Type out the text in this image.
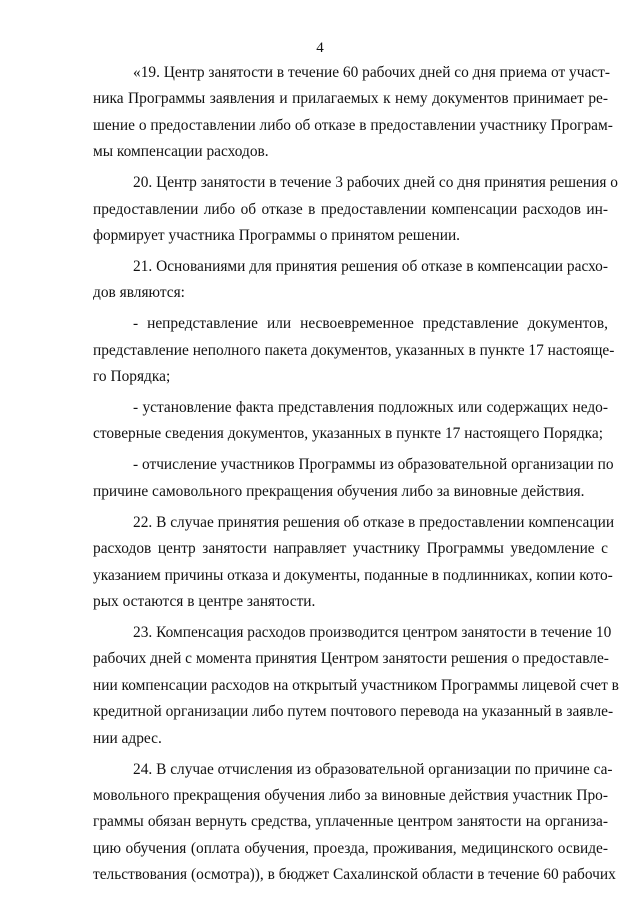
4
«19. Центр занятости в течение 60 рабочих дней со дня приема от участ-
ника Программы заявления и прилагаемых к нему документов принимает ре-
шение о предоставлении либо об отказе в предоставлении участнику Програм-
мы компенсации расходов.
20. Центр занятости в течение 3 рабочих дней со дня принятия решения о
предоставлении либо об отказе в предоставлении компенсации расходов ин-
формирует участника Программы о принятом решении.
21. Основаниями для принятия решения об отказе в компенсации расхо-
дов являются:
- непредставление или несвоевременное представление документов,
представление неполного пакета документов, указанных в пункте 17 настояще-
го Порядка;
- установление факта представления подложных или содержащих недо-
стоверные сведения документов, указанных в пункте 17 настоящего Порядка;
- отчисление участников Программы из образовательной организации по
причине самовольного прекращения обучения либо за виновные действия.
22. В случае принятия решения об отказе в предоставлении компенсации
расходов центр занятости направляет участнику Программы уведомление с
указанием причины отказа и документы, поданные в подлинниках, копии кото-
рых остаются в центре занятости.
23. Компенсация расходов производится центром занятости в течение 10
рабочих дней с момента принятия Центром занятости решения о предоставле-
нии компенсации расходов на открытый участником Программы лицевой счет в
кредитной организации либо путем почтового перевода на указанный в заявле-
нии адрес.
24. В случае отчисления из образовательной организации по причине са-
мовольного прекращения обучения либо за виновные действия участник Про-
граммы обязан вернуть средства, уплаченные центром занятости на организа-
цию обучения (оплата обучения, проезда, проживания, медицинского освиде-
тельствования (осмотра)), в бюджет Сахалинской области в течение 60 рабочих
